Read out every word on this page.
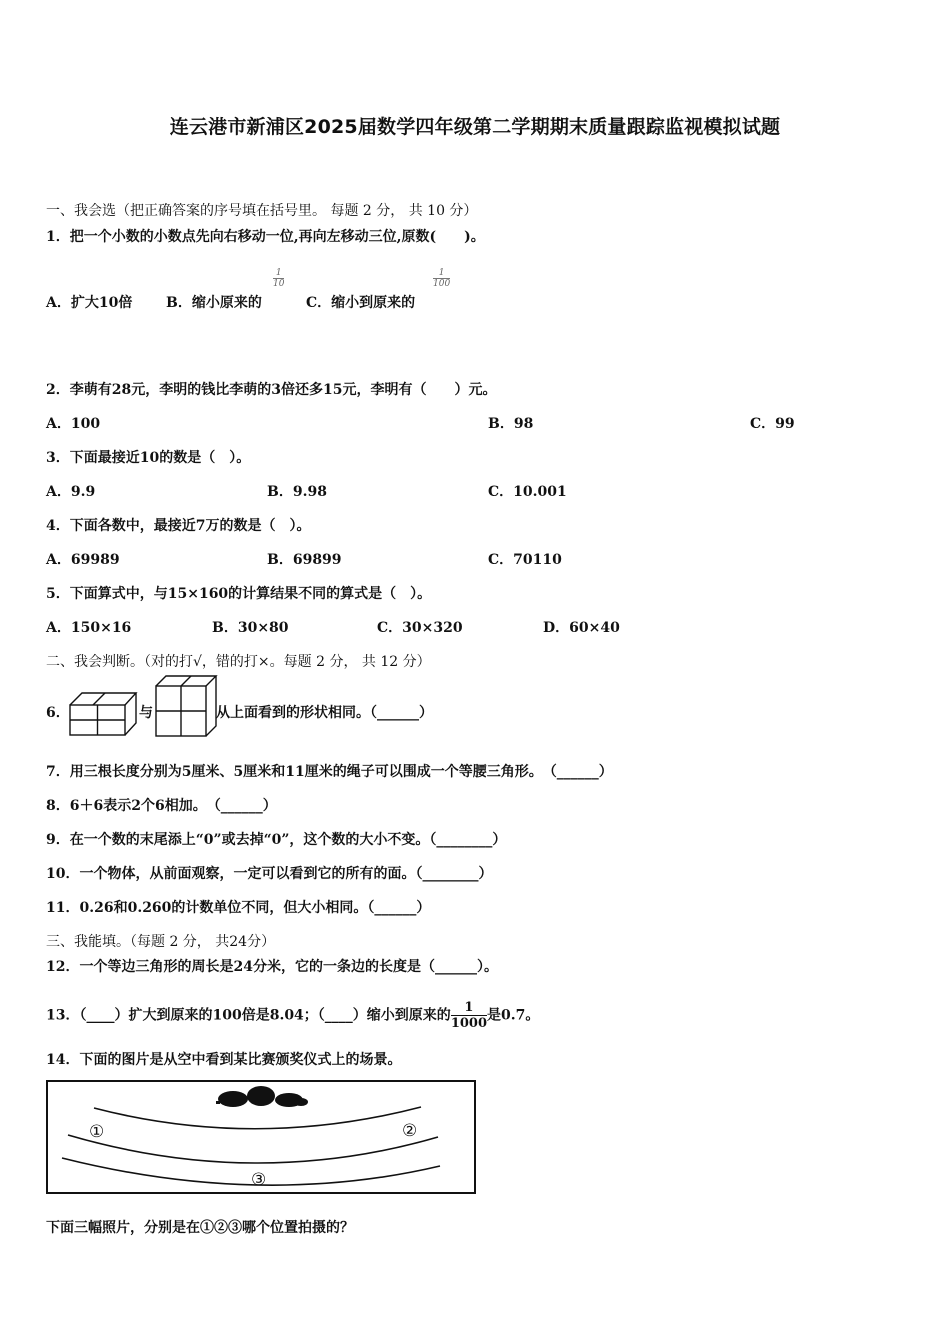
连云港市新浦区2025届数学四年级第二学期期末质量跟踪监视模拟试题
一、我会选（把正确答案的序号填在括号里。 每题 2 分， 共 10 分）
1．把一个小数的小数点先向右移动一位,再向左移动三位,原数(　　)。
A．扩大10倍 B．缩小原来的
$\frac{1}{10}$
C．缩小到原来的
$\frac{1}{100}$
2．李萌有28元，李明的钱比李萌的3倍还多15元，李明有（　　）元。
A．100	B．98	C．99
3．下面最接近10的数是（　）。
A．9.9	B．9.98	C．10.001
4．下面各数中，最接近7万的数是（　）。
A．69989	B．69899	C．70110
5．下面算式中，与15×160的计算结果不同的算式是（　）。
A．150×16	B．30×80	C．30×320	D．60×40
二、我会判断。（对的打√，错的打×。每题 2 分， 共 12 分）
6．	与	从上面看到的形状相同。（______）
7．用三根长度分别为5厘米、5厘米和11厘米的绳子可以围成一个等腰三角形。　（______）
8．6＋6表示2个6相加。　（______）
9．在一个数的末尾添上“0”或去掉“0”，这个数的大小不变。（________）
10．一个物体，从前面观察，一定可以看到它的所有的面。（________）
11．0.26和0.260的计数单位不同，但大小相同。（______）
三、我能填。（每题 2 分， 共24分）
12．一个等边三角形的周长是24分米，它的一条边的长度是（______）。
13．（____）扩大到原来的100倍是8.04；（____）缩小到原来的 $\frac{1}{1000}$ 是0.7。
14．下面的图片是从空中看到某比赛颁奖仪式上的场景。
①	②
③
下面三幅照片，分别是在①②③哪个位置拍摄的？
